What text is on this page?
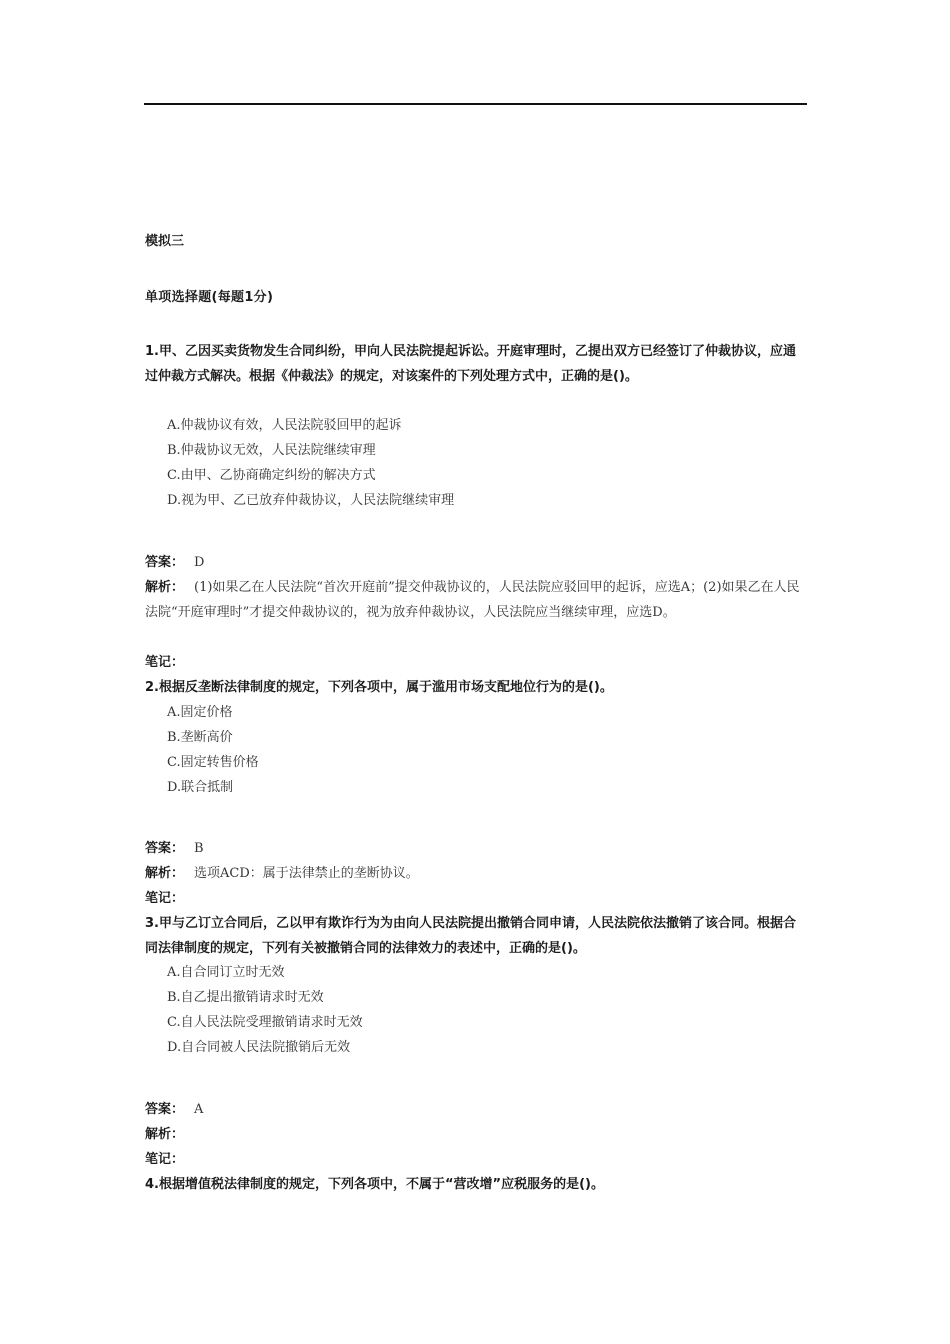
模拟三
单项选择题(每题1分)
1.甲、乙因买卖货物发生合同纠纷，甲向人民法院提起诉讼。开庭审理时，乙提出双方已经签订了仲裁协议，应通过仲裁方式解决。根据《仲裁法》的规定，对该案件的下列处理方式中，正确的是()。
A.仲裁协议有效，人民法院驳回甲的起诉
B.仲裁协议无效，人民法院继续审理
C.由甲、乙协商确定纠纷的解决方式
D.视为甲、乙已放弃仲裁协议，人民法院继续审理
答案： D
解析： (1)如果乙在人民法院“首次开庭前”提交仲裁协议的，人民法院应驳回甲的起诉，应选A；(2)如果乙在人民法院“开庭审理时”才提交仲裁协议的，视为放弃仲裁协议，人民法院应当继续审理，应选D。
笔记：
2.根据反垄断法律制度的规定，下列各项中，属于滥用市场支配地位行为的是()。
A.固定价格
B.垄断高价
C.固定转售价格
D.联合抵制
答案： B
解析： 选项ACD：属于法律禁止的垄断协议。
笔记：
3.甲与乙订立合同后，乙以甲有欺诈行为为由向人民法院提出撤销合同申请，人民法院依法撤销了该合同。根据合同法律制度的规定，下列有关被撤销合同的法律效力的表述中，正确的是()。
A.自合同订立时无效
B.自乙提出撤销请求时无效
C.自人民法院受理撤销请求时无效
D.自合同被人民法院撤销后无效
答案： A
解析：
笔记：
4.根据增值税法律制度的规定，下列各项中，不属于“营改增”应税服务的是()。
